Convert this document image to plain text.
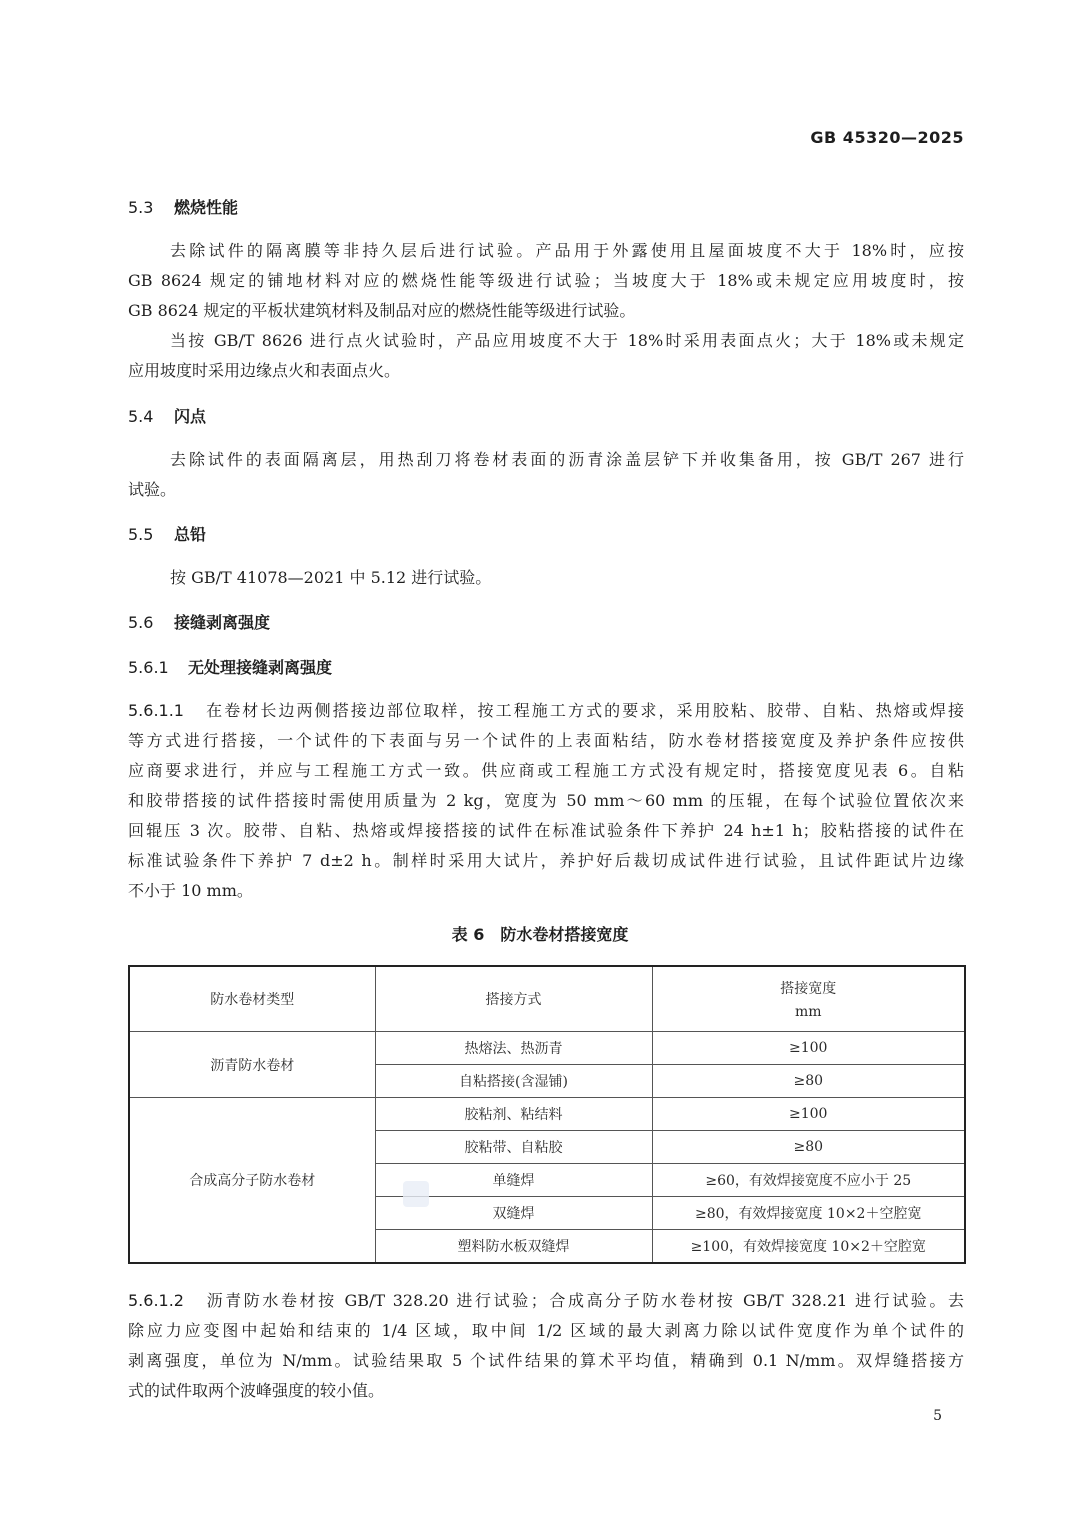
GB 45320—2025
5.3 燃烧性能
去除试件的隔离膜等非持久层后进行试验。产品用于外露使用且屋面坡度不大于 18%时，应按
GB 8624 规定的铺地材料对应的燃烧性能等级进行试验；当坡度大于 18%或未规定应用坡度时，按
GB 8624 规定的平板状建筑材料及制品对应的燃烧性能等级进行试验。
当按 GB/T 8626 进行点火试验时，产品应用坡度不大于 18%时采用表面点火；大于 18%或未规定
应用坡度时采用边缘点火和表面点火。
5.4 闪点
去除试件的表面隔离层，用热刮刀将卷材表面的沥青涂盖层铲下并收集备用，按 GB/T 267 进行
试验。
5.5 总铅
按 GB/T 41078—2021 中 5.12 进行试验。
5.6 接缝剥离强度
5.6.1 无处理接缝剥离强度
5.6.1.1 在卷材长边两侧搭接边部位取样，按工程施工方式的要求，采用胶粘、胶带、自粘、热熔或焊接
等方式进行搭接，一个试件的下表面与另一个试件的上表面粘结，防水卷材搭接宽度及养护条件应按供
应商要求进行，并应与工程施工方式一致。供应商或工程施工方式没有规定时，搭接宽度见表 6。自粘
和胶带搭接的试件搭接时需使用质量为 2 kg，宽度为 50 mm～60 mm 的压辊，在每个试验位置依次来
回辊压 3 次。胶带、自粘、热熔或焊接搭接的试件在标准试验条件下养护 24 h±1 h；胶粘搭接的试件在
标准试验条件下养护 7 d±2 h。制样时采用大试片，养护好后裁切成试件进行试验，且试件距试片边缘
不小于 10 mm。
表 6　防水卷材搭接宽度
防水卷材类型	搭接方式	搭接宽度
mm

沥青防水卷材	热熔法、热沥青	≥100
	自粘搭接(含湿铺)	≥80
合成高分子防水卷材	胶粘剂、粘结料	≥100
	胶粘带、自粘胶	≥80
	单缝焊	≥60，有效焊接宽度不应小于 25
	双缝焊	≥80，有效焊接宽度 10×2＋空腔宽
	塑料防水板双缝焊	≥100，有效焊接宽度 10×2＋空腔宽
5.6.1.2 沥青防水卷材按 GB/T 328.20 进行试验；合成高分子防水卷材按 GB/T 328.21 进行试验。去
除应力应变图中起始和结束的 1/4 区域，取中间 1/2 区域的最大剥离力除以试件宽度作为单个试件的
剥离强度，单位为 N/mm。试验结果取 5 个试件结果的算术平均值，精确到 0.1 N/mm。双焊缝搭接方
式的试件取两个波峰强度的较小值。
5
